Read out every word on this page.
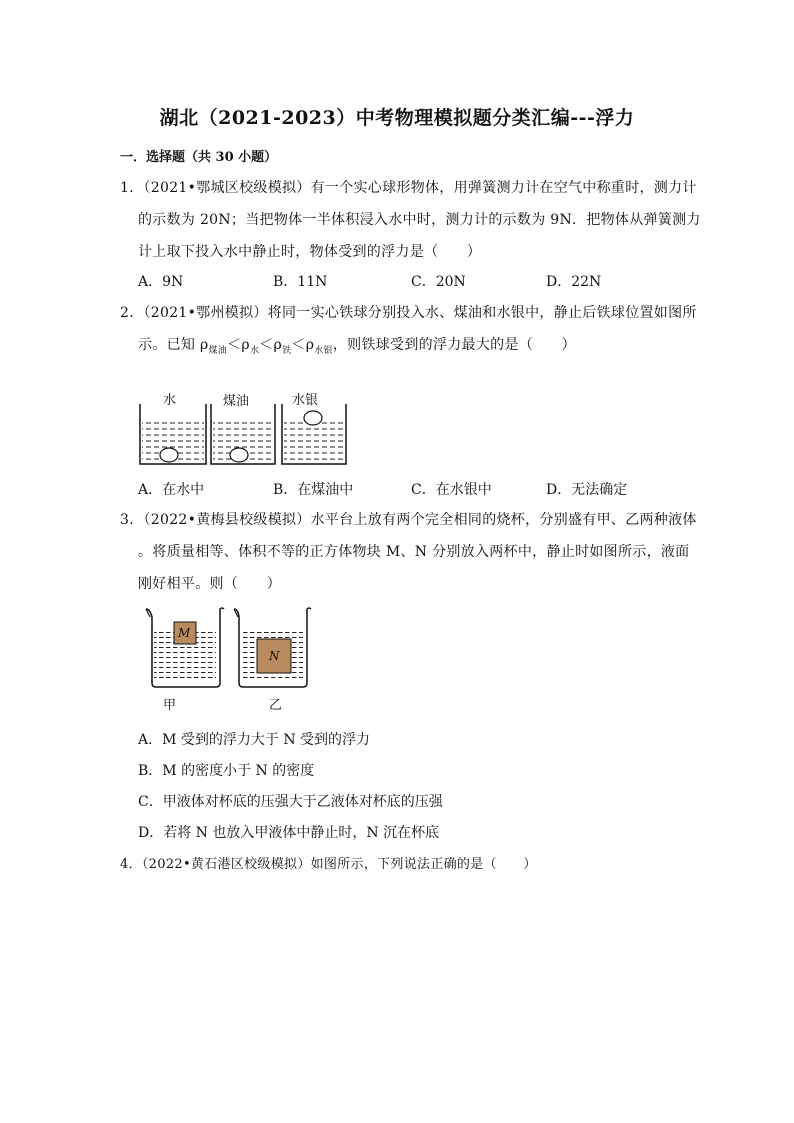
湖北（2021-2023）中考物理模拟题分类汇编---浮力
一．选择题（共 30 小题）
1．（2021•鄂城区校级模拟）有一个实心球形物体，用弹簧测力计在空气中称重时，测力计
的示数为 20N；当把物体一半体积浸入水中时，测力计的示数为 9N．把物体从弹簧测力
计上取下投入水中静止时，物体受到的浮力是（　　）
A．9N	B．11N	C．20N	D．22N
2．（2021•鄂州模拟）将同一实心铁球分别投入水、煤油和水银中，静止后铁球位置如图所
示。已知 $\rho_{煤油}<\rho_水<\rho_铁<\rho_{水银}$，则铁球受到的浮力最大的是（　　）
水	煤油	水银
A．在水中	B．在煤油中	C．在水银中	D．无法确定
3．（2022•黄梅县校级模拟）水平台上放有两个完全相同的烧杯，分别盛有甲、乙两种液体
。将质量相等、体积不等的正方体物块 M、N 分别放入两杯中，静止时如图所示，液面
刚好相平。则（　　）
M
N
甲	乙
A．M 受到的浮力大于 N 受到的浮力
B．M 的密度小于 N 的密度
C．甲液体对杯底的压强大于乙液体对杯底的压强
D．若将 N 也放入甲液体中静止时，N 沉在杯底
4．（2022•黄石港区校级模拟）如图所示，下列说法正确的是（　　）
